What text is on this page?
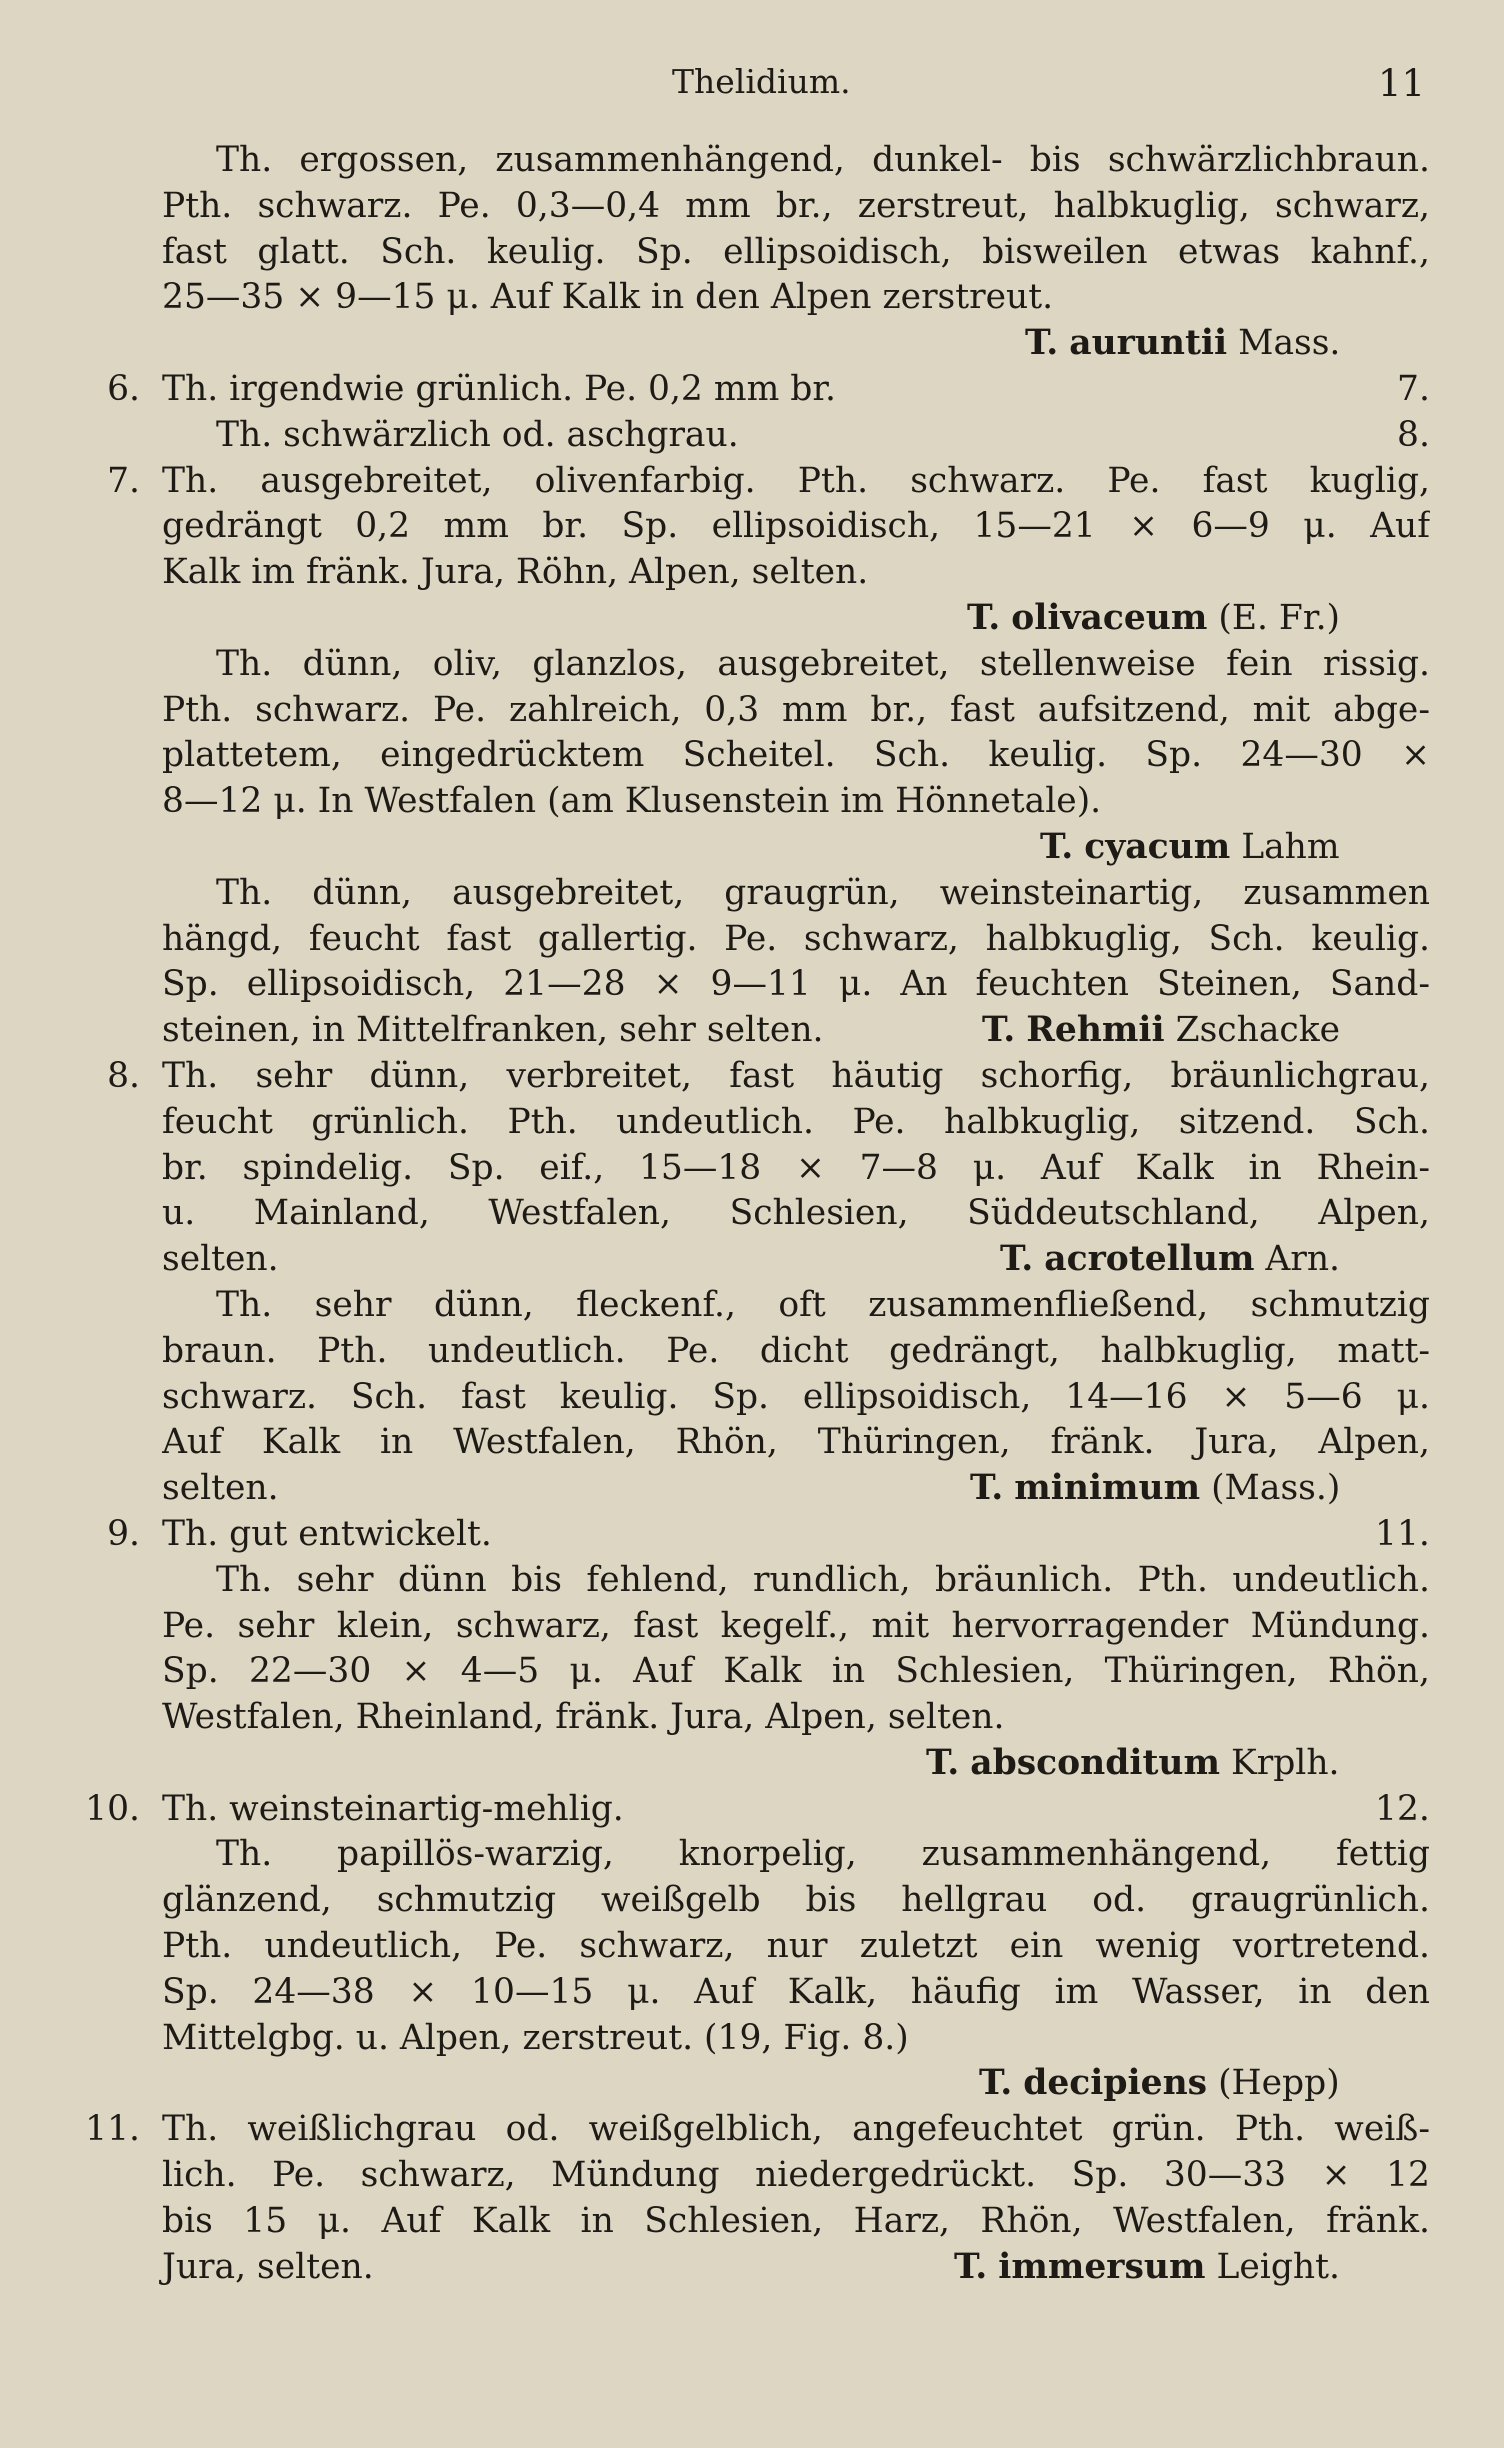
Thelidium.	11
Th. ergossen, zusammenhängend, dunkel- bis schwärzlichbraun.
Pth. schwarz. Pe. 0,3—0,4 mm br., zerstreut, halbkuglig, schwarz,
fast glatt. Sch. keulig. Sp. ellipsoidisch, bisweilen etwas kahnf.,
25—35 × 9—15 μ. Auf Kalk in den Alpen zerstreut.
T. auruntii Mass.
6. Th. irgendwie grünlich. Pe. 0,2 mm br.	7.
Th. schwärzlich od. aschgrau.	8.
7. Th. ausgebreitet, olivenfarbig. Pth. schwarz. Pe. fast kuglig,
gedrängt 0,2 mm br. Sp. ellipsoidisch, 15—21 × 6—9 μ. Auf
Kalk im fränk. Jura, Röhn, Alpen, selten.
T. olivaceum (E. Fr.)
Th. dünn, oliv, glanzlos, ausgebreitet, stellenweise fein rissig.
Pth. schwarz. Pe. zahlreich, 0,3 mm br., fast aufsitzend, mit abge-
plattetem, eingedrücktem Scheitel. Sch. keulig. Sp. 24—30 ×
8—12 μ. In Westfalen (am Klusenstein im Hönnetale).
T. cyacum Lahm
Th. dünn, ausgebreitet, graugrün, weinsteinartig, zusammen
hängd, feucht fast gallertig. Pe. schwarz, halbkuglig, Sch. keulig.
Sp. ellipsoidisch, 21—28 × 9—11 μ. An feuchten Steinen, Sand-
steinen, in Mittelfranken, sehr selten.	T. Rehmii Zschacke
8. Th. sehr dünn, verbreitet, fast häutig schorfig, bräunlichgrau,
feucht grünlich. Pth. undeutlich. Pe. halbkuglig, sitzend. Sch.
br. spindelig. Sp. eif., 15—18 × 7—8 μ. Auf Kalk in Rhein-
u. Mainland, Westfalen, Schlesien, Süddeutschland, Alpen,
selten.	T. acrotellum Arn.
Th. sehr dünn, fleckenf., oft zusammenfließend, schmutzig
braun. Pth. undeutlich. Pe. dicht gedrängt, halbkuglig, matt-
schwarz. Sch. fast keulig. Sp. ellipsoidisch, 14—16 × 5—6 μ.
Auf Kalk in Westfalen, Rhön, Thüringen, fränk. Jura, Alpen,
selten.	T. minimum (Mass.)
9. Th. gut entwickelt.	11.
Th. sehr dünn bis fehlend, rundlich, bräunlich. Pth. undeutlich.
Pe. sehr klein, schwarz, fast kegelf., mit hervorragender Mündung.
Sp. 22—30 × 4—5 μ. Auf Kalk in Schlesien, Thüringen, Rhön,
Westfalen, Rheinland, fränk. Jura, Alpen, selten.
T. absconditum Krplh.
10. Th. weinsteinartig-mehlig.	12.
Th. papillös-warzig, knorpelig, zusammenhängend, fettig
glänzend, schmutzig weißgelb bis hellgrau od. graugrünlich.
Pth. undeutlich, Pe. schwarz, nur zuletzt ein wenig vortretend.
Sp. 24—38 × 10—15 μ. Auf Kalk, häufig im Wasser, in den
Mittelgbg. u. Alpen, zerstreut. (19, Fig. 8.)
T. decipiens (Hepp)
11. Th. weißlichgrau od. weißgelblich, angefeuchtet grün. Pth. weiß-
lich. Pe. schwarz, Mündung niedergedrückt. Sp. 30—33 × 12
bis 15 μ. Auf Kalk in Schlesien, Harz, Rhön, Westfalen, fränk.
Jura, selten.	T. immersum Leight.
